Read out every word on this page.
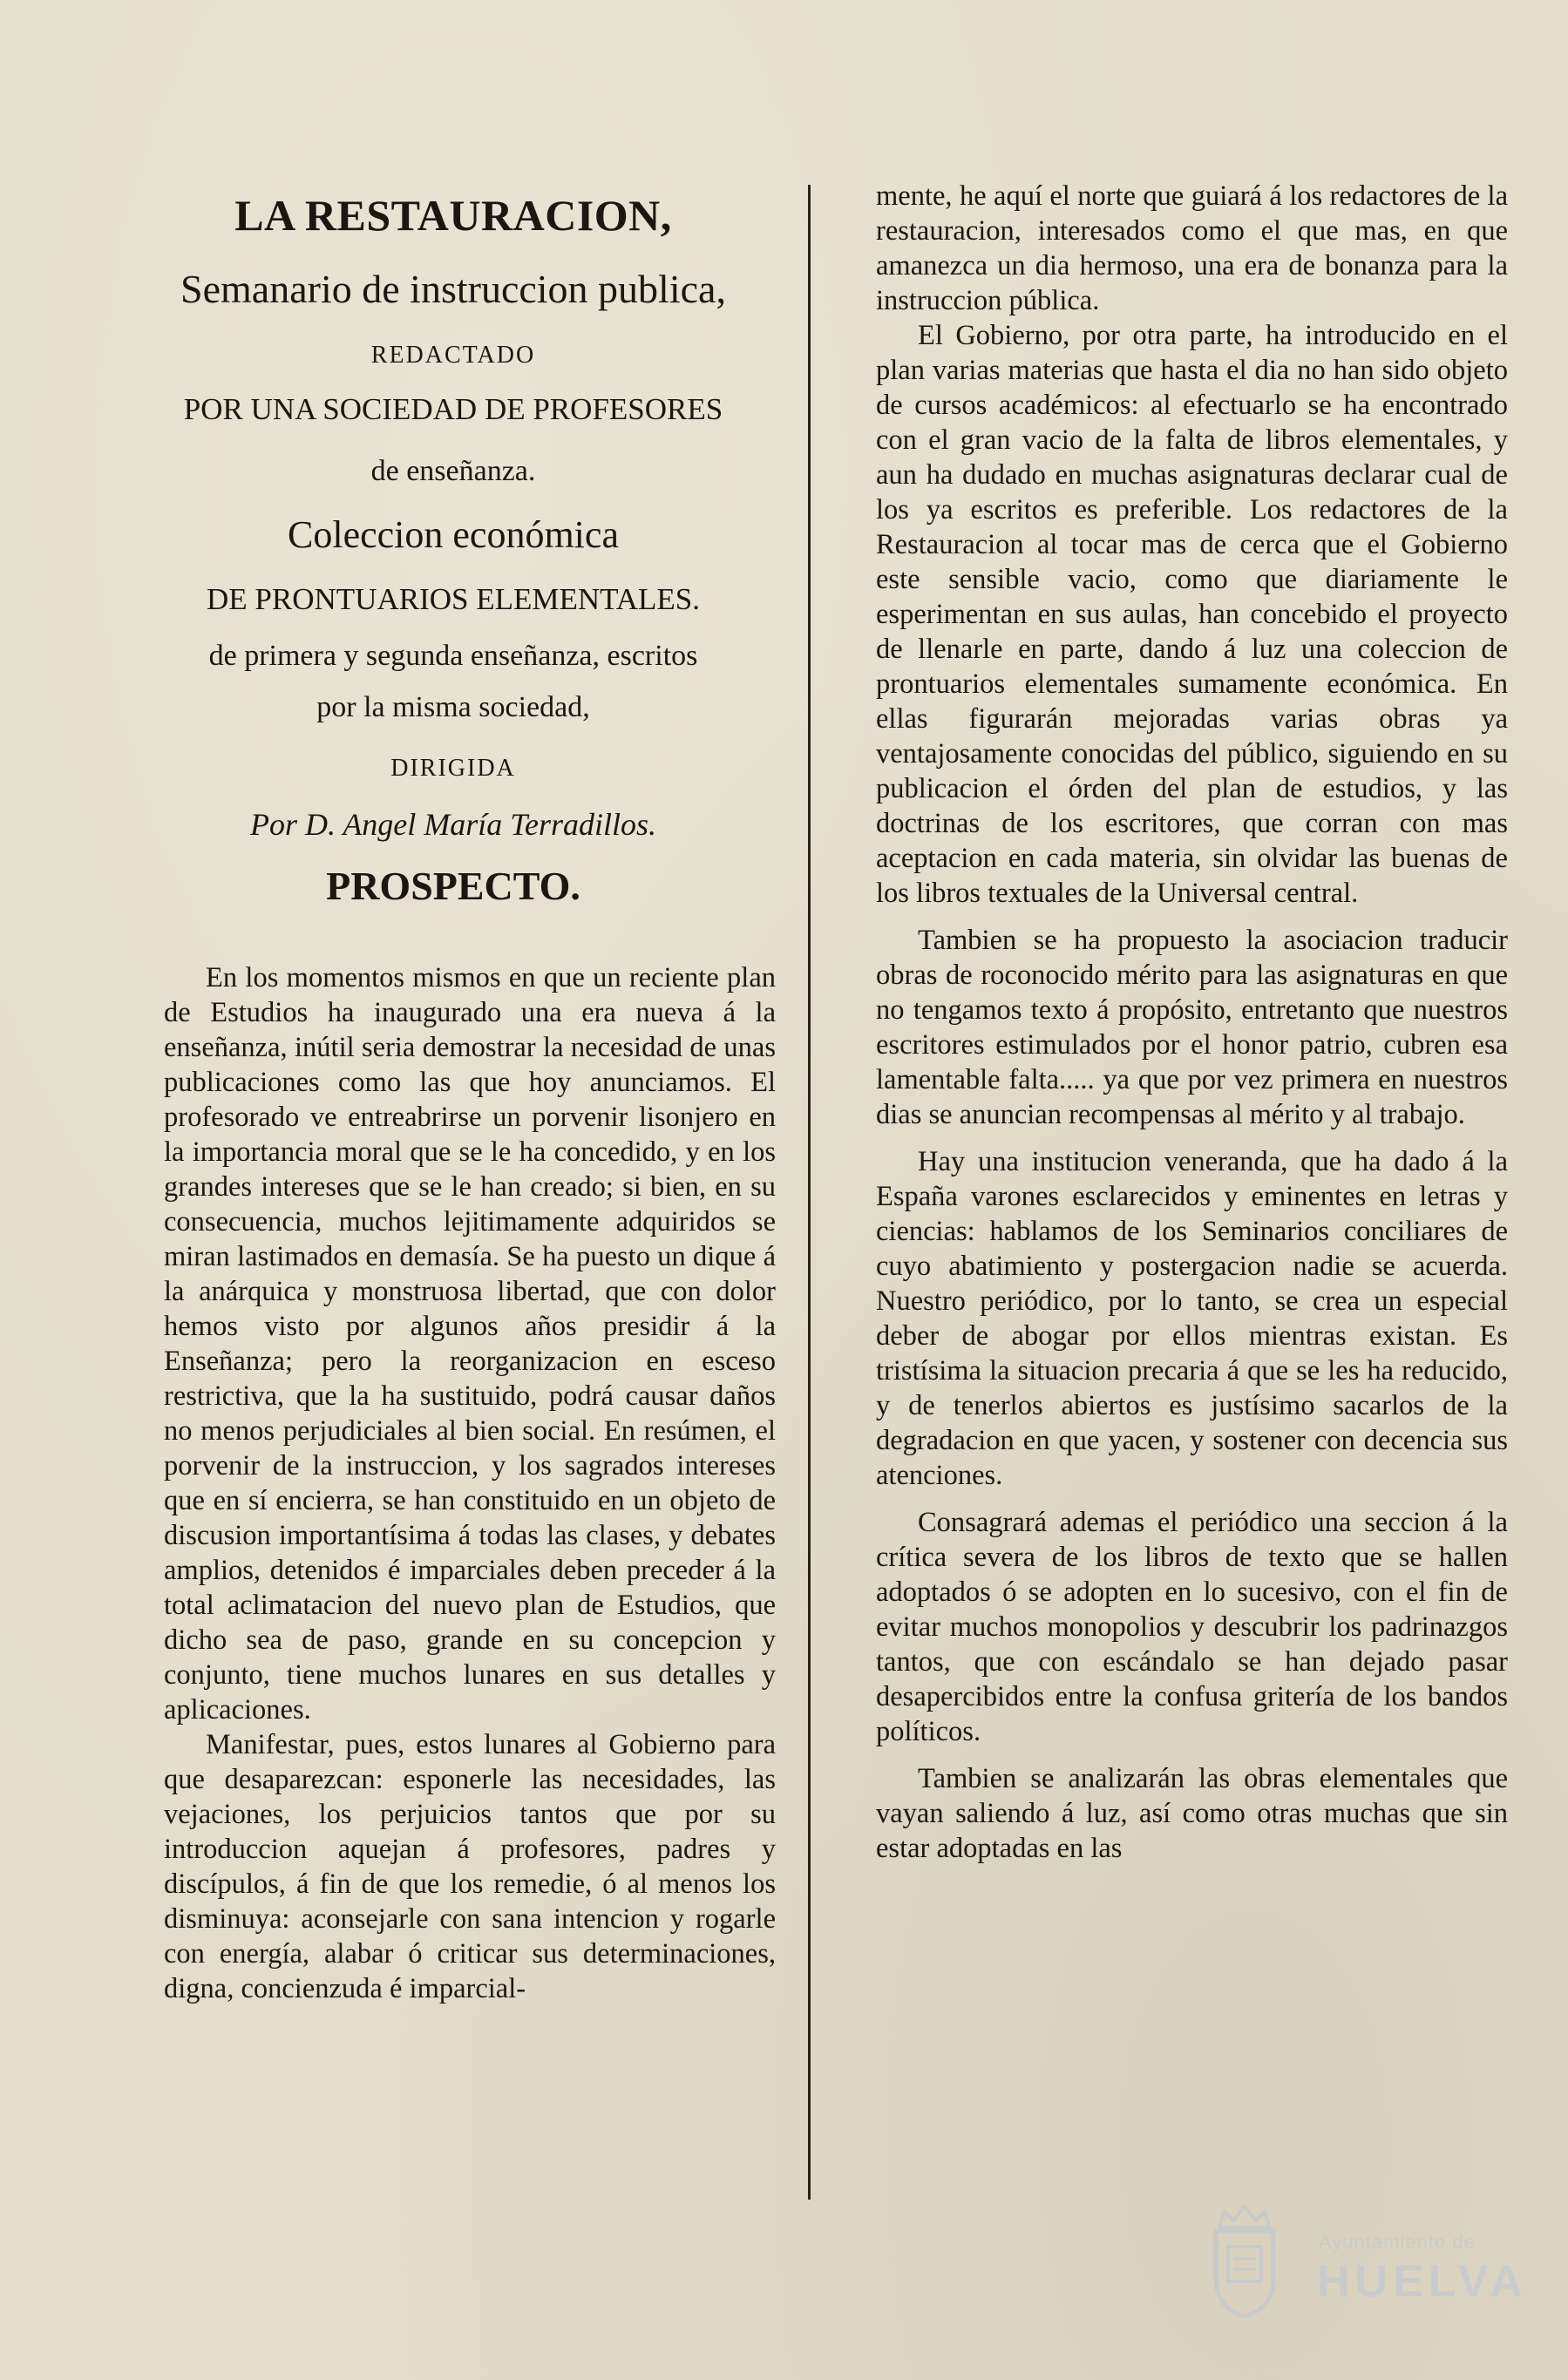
LA RESTAURACION,
Semanario de instruccion publica,
REDACTADO
POR UNA SOCIEDAD DE PROFESORES
de enseñanza.
Coleccion económica
DE PRONTUARIOS ELEMENTALES.
de primera y segunda enseñanza, escritos
por la misma sociedad,
DIRIGIDA
Por D. Angel María Terradillos.
PROSPECTO.

En los momentos mismos en que un reciente plan de Estudios ha inaugurado una era nueva á la enseñanza, inútil seria demostrar la necesidad de unas publicaciones como las que hoy anunciamos. El profesorado ve entreabrirse un porvenir lisonjero en la importancia moral que se le ha concedido, y en los grandes intereses que se le han creado; si bien, en su consecuencia, muchos lejitimamente adquiridos se miran lastimados en demasía. Se ha puesto un dique á la anárquica y monstruosa libertad, que con dolor hemos visto por algunos años presidir á la Enseñanza; pero la reorganizacion en esceso restrictiva, que la ha sustituido, podrá causar daños no menos perjudiciales al bien social. En resúmen, el porvenir de la instruccion, y los sagrados intereses que en sí encierra, se han constituido en un objeto de discusion importantísima á todas las clases, y debates amplios, detenidos é imparciales deben preceder á la total aclimatacion del nuevo plan de Estudios, que dicho sea de paso, grande en su concepcion y conjunto, tiene muchos lunares en sus detalles y aplicaciones.

Manifestar, pues, estos lunares al Gobierno para que desaparezcan: esponerle las necesidades, las vejaciones, los perjuicios tantos que por su introduccion aquejan á profesores, padres y discípulos, á fin de que los remedie, ó al menos los disminuya: aconsejarle con sana intencion y rogarle con energía, alabar ó criticar sus determinaciones, digna, concienzuda é imparcial-

mente, he aquí el norte que guiará á los redactores de la restauracion, interesados como el que mas, en que amanezca un dia hermoso, una era de bonanza para la instruccion pública.

El Gobierno, por otra parte, ha introducido en el plan varias materias que hasta el dia no han sido objeto de cursos académicos: al efectuarlo se ha encontrado con el gran vacio de la falta de libros elementales, y aun ha dudado en muchas asignaturas declarar cual de los ya escritos es preferible. Los redactores de la Restauracion al tocar mas de cerca que el Gobierno este sensible vacio, como que diariamente le esperimentan en sus aulas, han concebido el proyecto de llenarle en parte, dando á luz una coleccion de prontuarios elementales sumamente económica. En ellas figurarán mejoradas varias obras ya ventajosamente conocidas del público, siguiendo en su publicacion el órden del plan de estudios, y las doctrinas de los escritores, que corran con mas aceptacion en cada materia, sin olvidar las buenas de los libros textuales de la Universal central.

Tambien se ha propuesto la asociacion traducir obras de roconocido mérito para las asignaturas en que no tengamos texto á propósito, entretanto que nuestros escritores estimulados por el honor patrio, cubren esa lamentable falta..... ya que por vez primera en nuestros dias se anuncian recompensas al mérito y al trabajo.

Hay una institucion veneranda, que ha dado á la España varones esclarecidos y eminentes en letras y ciencias: hablamos de los Seminarios conciliares de cuyo abatimiento y postergacion nadie se acuerda. Nuestro periódico, por lo tanto, se crea un especial deber de abogar por ellos mientras existan. Es tristísima la situacion precaria á que se les ha reducido, y de tenerlos abiertos es justísimo sacarlos de la degradacion en que yacen, y sostener con decencia sus atenciones.

Consagrará ademas el periódico una seccion á la crítica severa de los libros de texto que se hallen adoptados ó se adopten en lo sucesivo, con el fin de evitar muchos monopolios y descubrir los padrinazgos tantos, que con escándalo se han dejado pasar desapercibidos entre la confusa gritería de los bandos políticos.

Tambien se analizarán las obras elementales que vayan saliendo á luz, así como otras muchas que sin estar adoptadas en las

Ayuntamiento de
HUELVA
